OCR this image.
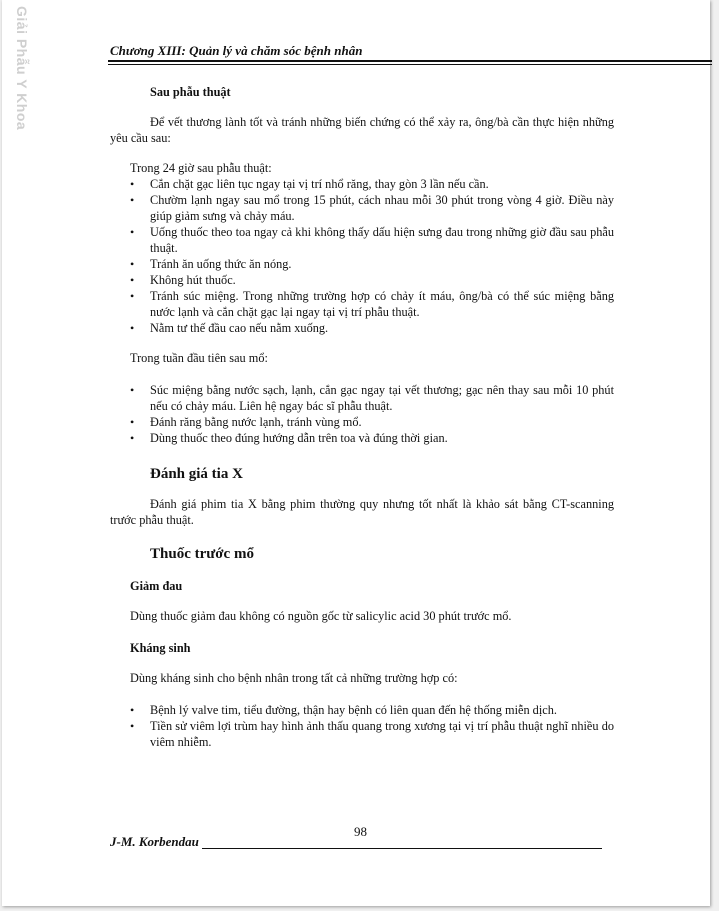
Giải Phẫu Y Khoa	Chương XIII: Quản lý và chăm sóc bệnh nhân

Sau phẫu thuật

Để vết thương lành tốt và tránh những biến chứng có thể xảy ra, ông/bà cần thực hiện những yêu cầu sau:

Trong 24 giờ sau phẫu thuật:

• Cắn chặt gạc liên tục ngay tại vị trí nhổ răng, thay gòn 3 lần nếu cần.
• Chườm lạnh ngay sau mổ trong 15 phút, cách nhau mỗi 30 phút trong vòng 4 giờ. Điều này giúp giảm sưng và chảy máu.
• Uống thuốc theo toa ngay cả khi không thấy dấu hiện sưng đau trong những giờ đầu sau phẫu thuật.
• Tránh ăn uống thức ăn nóng.
• Không hút thuốc.
• Tránh súc miệng. Trong những trường hợp có chảy ít máu, ông/bà có thể súc miệng bằng nước lạnh và cắn chặt gạc lại ngay tại vị trí phẫu thuật.
• Nằm tư thế đầu cao nếu nằm xuống.

Trong tuần đầu tiên sau mổ:

• Súc miệng bằng nước sạch, lạnh, cắn gạc ngay tại vết thương; gạc nên thay sau mỗi 10 phút nếu có chảy máu. Liên hệ ngay bác sĩ phẫu thuật.
• Đánh răng bằng nước lạnh, tránh vùng mổ.
• Dùng thuốc theo đúng hướng dẫn trên toa và đúng thời gian.

Đánh giá tia X

Đánh giá phim tia X bằng phim thường quy nhưng tốt nhất là khảo sát bằng CT-scanning trước phẫu thuật.

Thuốc trước mổ

Giảm đau

Dùng thuốc giảm đau không có nguồn gốc từ salicylic acid 30 phút trước mổ.

Kháng sinh

Dùng kháng sinh cho bệnh nhân trong tất cả những trường hợp có:

• Bệnh lý valve tim, tiểu đường, thận hay bệnh có liên quan đến hệ thống miễn dịch.
• Tiền sử viêm lợi trùm hay hình ảnh thấu quang trong xương tại vị trí phẫu thuật nghĩ nhiều do viêm nhiễm.
98
J-M. Korbendau
